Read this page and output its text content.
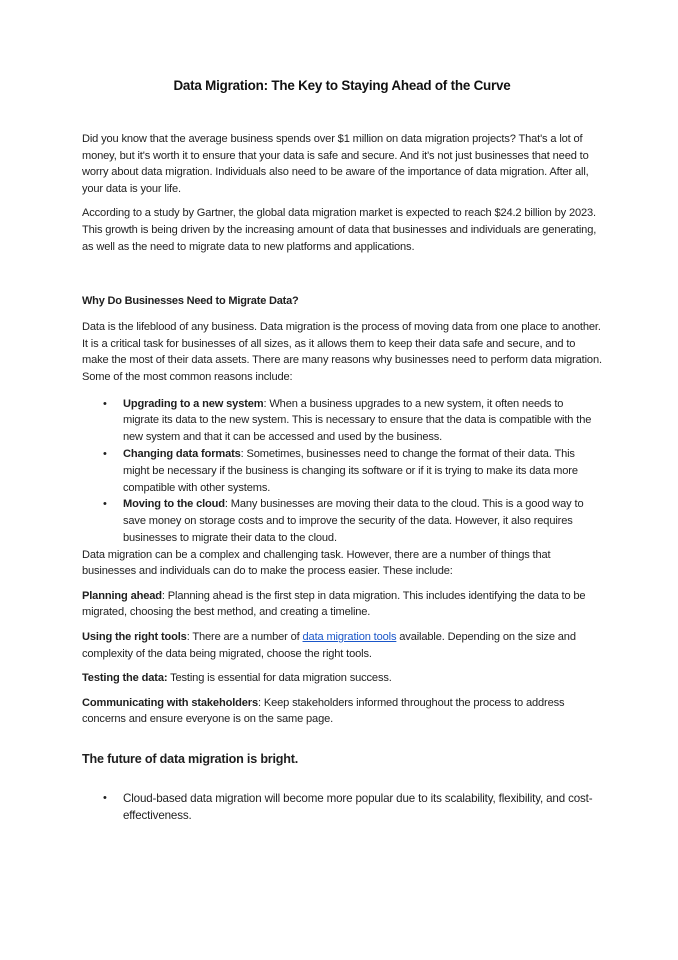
Data Migration: The Key to Staying Ahead of the Curve

Did you know that the average business spends over $1 million on data migration projects? That's a lot of money, but it's worth it to ensure that your data is safe and secure. And it's not just businesses that need to worry about data migration. Individuals also need to be aware of the importance of data migration. After all, your data is your life.

According to a study by Gartner, the global data migration market is expected to reach $24.2 billion by 2023. This growth is being driven by the increasing amount of data that businesses and individuals are generating, as well as the need to migrate data to new platforms and applications.

Why Do Businesses Need to Migrate Data?

Data is the lifeblood of any business. Data migration is the process of moving data from one place to another. It is a critical task for businesses of all sizes, as it allows them to keep their data safe and secure, and to make the most of their data assets. There are many reasons why businesses need to perform data migration. Some of the most common reasons include:

• Upgrading to a new system: When a business upgrades to a new system, it often needs to migrate its data to the new system. This is necessary to ensure that the data is compatible with the new system and that it can be accessed and used by the business.
• Changing data formats: Sometimes, businesses need to change the format of their data. This might be necessary if the business is changing its software or if it is trying to make its data more compatible with other systems.
• Moving to the cloud: Many businesses are moving their data to the cloud. This is a good way to save money on storage costs and to improve the security of the data. However, it also requires businesses to migrate their data to the cloud.

Data migration can be a complex and challenging task. However, there are a number of things that businesses and individuals can do to make the process easier. These include:

Planning ahead: Planning ahead is the first step in data migration. This includes identifying the data to be migrated, choosing the best method, and creating a timeline.

Using the right tools: There are a number of data migration tools available. Depending on the size and complexity of the data being migrated, choose the right tools.

Testing the data: Testing is essential for data migration success.

Communicating with stakeholders: Keep stakeholders informed throughout the process to address concerns and ensure everyone is on the same page.

The future of data migration is bright.
• Cloud-based data migration will become more popular due to its scalability, flexibility, and cost-effectiveness.
